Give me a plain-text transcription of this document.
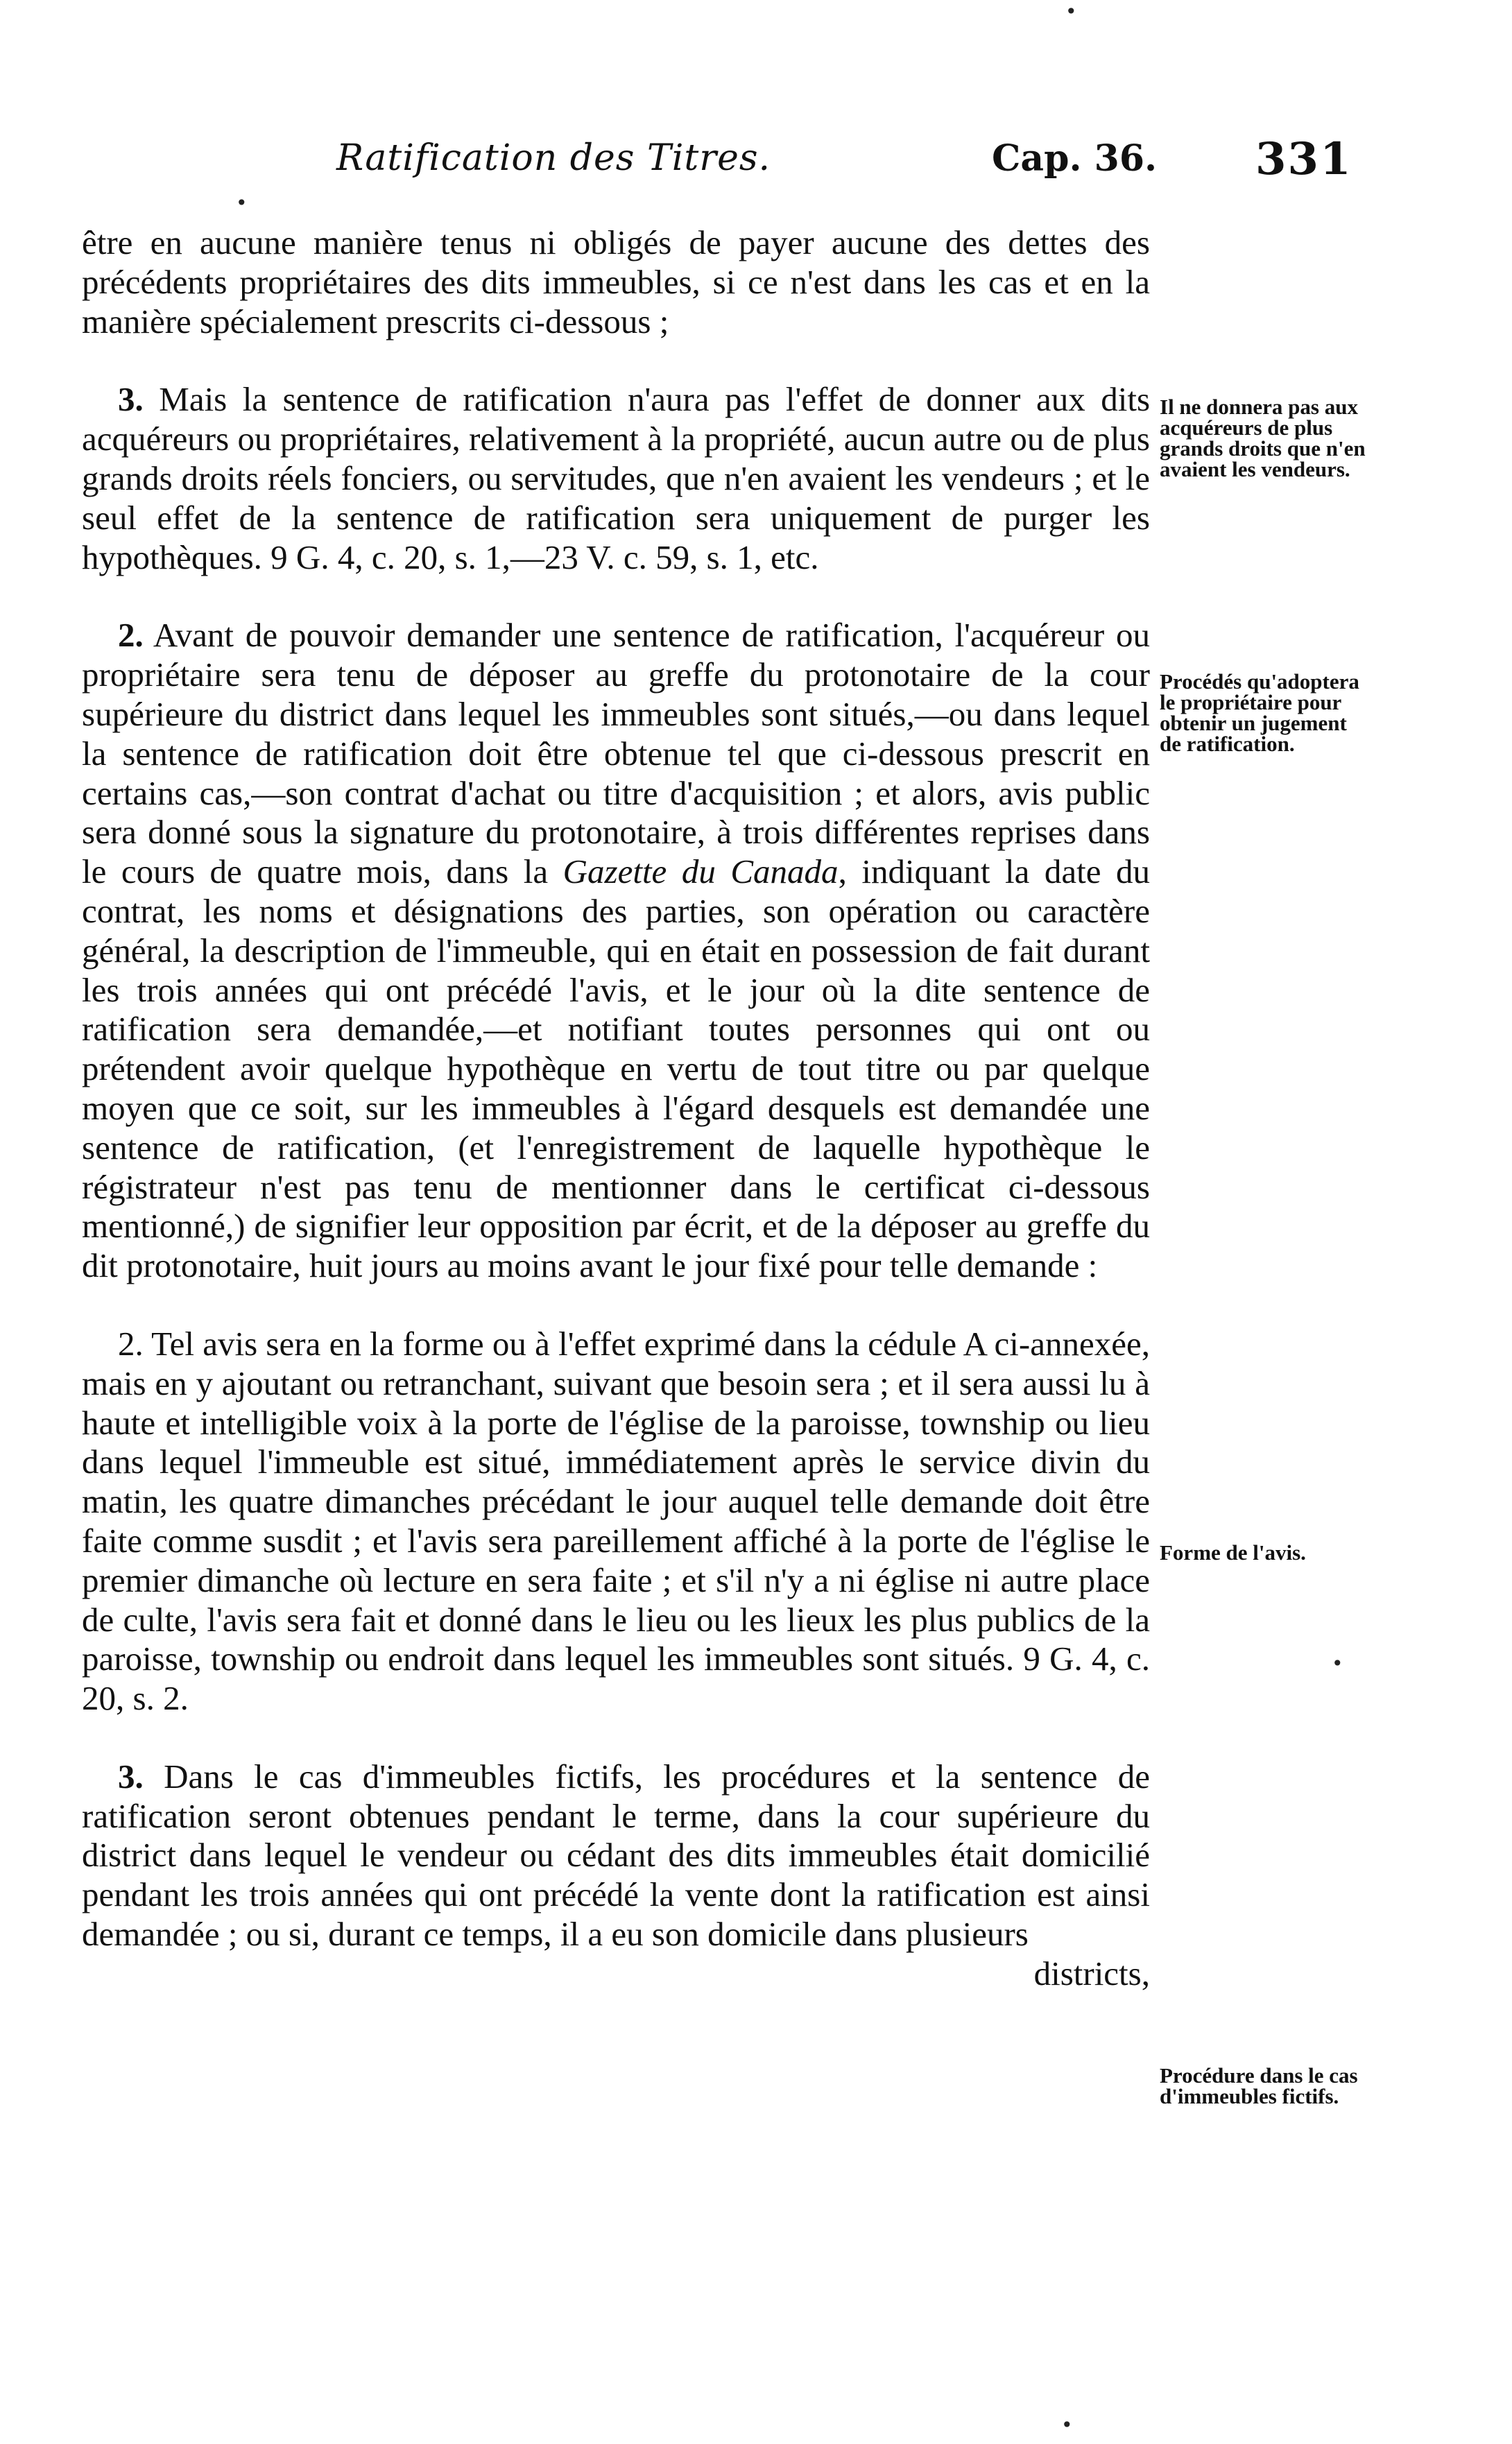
Ratification des Titres.	Cap. 36. 331
•
•
•
•

être en aucune manière tenus ni obligés de payer aucune des dettes des précédents propriétaires des dits immeubles, si ce n'est dans les cas et en la manière spécialement prescrits ci-dessous ;

3. Mais la sentence de ratification n'aura pas l'effet de donner aux dits acquéreurs ou propriétaires, relativement à la propriété, aucun autre ou de plus grands droits réels fonciers, ou servitudes, que n'en avaient les vendeurs ; et le seul effet de la sentence de ratification sera uniquement de purger les hypothèques. 9 G. 4, c. 20, s. 1,—23 V. c. 59, s. 1, etc.

2. Avant de pouvoir demander une sentence de ratification, l'acquéreur ou propriétaire sera tenu de déposer au greffe du protonotaire de la cour supérieure du district dans lequel les immeubles sont situés,—ou dans lequel la sentence de ratification doit être obtenue tel que ci-dessous prescrit en certains cas,—son contrat d'achat ou titre d'acquisition ; et alors, avis public sera donné sous la signature du protonotaire, à trois différentes reprises dans le cours de quatre mois, dans la Gazette du Canada, indiquant la date du contrat, les noms et désignations des parties, son opération ou caractère général, la description de l'immeuble, qui en était en possession de fait durant les trois années qui ont précédé l'avis, et le jour où la dite sentence de ratification sera demandée,—et notifiant toutes personnes qui ont ou prétendent avoir quelque hypothèque en vertu de tout titre ou par quelque moyen que ce soit, sur les immeubles à l'égard desquels est demandée une sentence de ratification, (et l'enregistrement de laquelle hypothèque le régistrateur n'est pas tenu de mentionner dans le certificat ci-dessous mentionné,) de signifier leur opposition par écrit, et de la déposer au greffe du dit protonotaire, huit jours au moins avant le jour fixé pour telle demande :

2. Tel avis sera en la forme ou à l'effet exprimé dans la cédule A ci-annexée, mais en y ajoutant ou retranchant, suivant que besoin sera ; et il sera aussi lu à haute et intelligible voix à la porte de l'église de la paroisse, township ou lieu dans lequel l'immeuble est situé, immédiatement après le service divin du matin, les quatre dimanches précédant le jour auquel telle demande doit être faite comme susdit ; et l'avis sera pareillement affiché à la porte de l'église le premier dimanche où lecture en sera faite ; et s'il n'y a ni église ni autre place de culte, l'avis sera fait et donné dans le lieu ou les lieux les plus publics de la paroisse, township ou endroit dans lequel les immeubles sont situés. 9 G. 4, c. 20, s. 2.

3. Dans le cas d'immeubles fictifs, les procédures et la sentence de ratification seront obtenues pendant le terme, dans la cour supérieure du district dans lequel le vendeur ou cédant des dits immeubles était domicilié pendant les trois années qui ont précédé la vente dont la ratification est ainsi demandée ; ou si, durant ce temps, il a eu son domicile dans plusieurs

districts,

Il ne donnera pas aux acquéreurs de plus grands droits que n'en avaient les vendeurs.
Procédés qu'adoptera le propriétaire pour obtenir un jugement de ratification.
Forme de l'avis.
Procédure dans le cas d'immeubles fictifs.
